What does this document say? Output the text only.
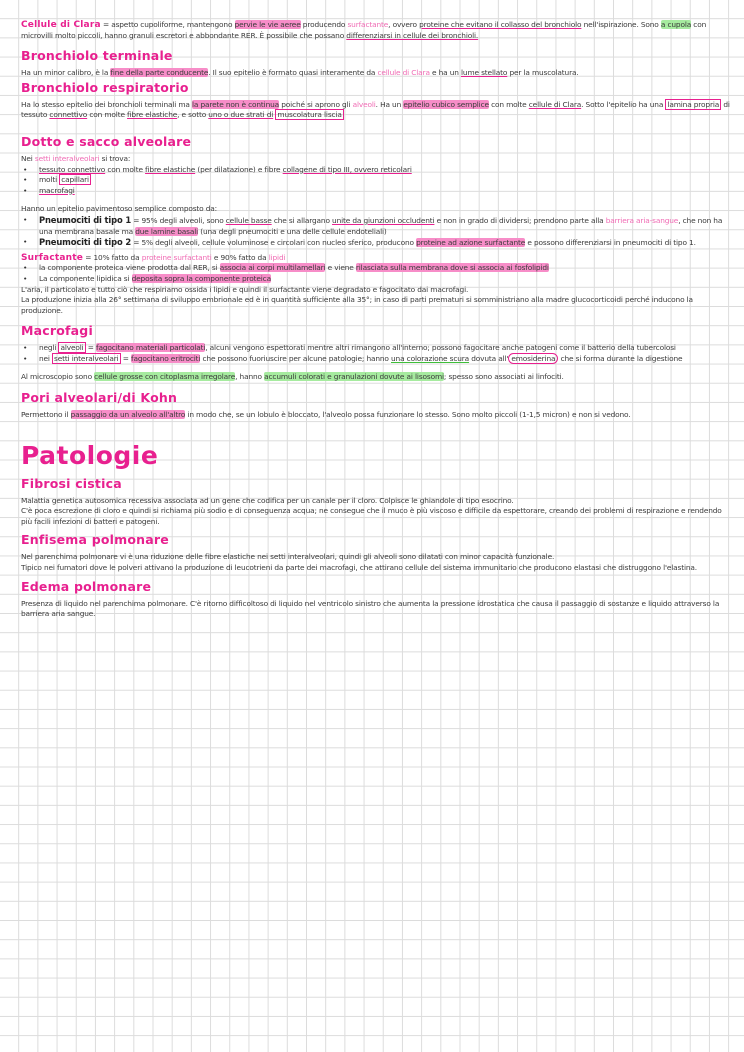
Cellule di Clara = aspetto cupoliforme, mantengono pervie le vie aeree producendo surfactante, ovvero proteine che evitano il collasso del bronchiolo nell'ispirazione. Sono a cupola con microvilli molto piccoli, hanno granuli escretori e abbondante RER. È possibile che possano differenziarsi in cellule dei bronchioli.

Bronchiolo terminale

Ha un minor calibro, è la fine della parte conducente. Il suo epitelio è formato quasi interamente da cellule di Clara e ha un lume stellato per la muscolatura.

Bronchiolo respiratorio

Ha lo stesso epitelio dei bronchioli terminali ma la parete non è continua poiché si aprono gli alveoli. Ha un epitelio cubico semplice con molte cellule di Clara. Sotto l'epitelio ha una lamina propria di tessuto connettivo con molte fibre elastiche, e sotto uno o due strati di muscolatura liscia

Dotto e sacco alveolare

Nei setti interalveolari si trova:

• tessuto connettivo con molte fibre elastiche (per dilatazione) e fibre collagene di tipo III, ovvero reticolari
• molti capillari
• macrofagi

Hanno un epitelio pavimentoso semplice composto da:

• Pneumociti di tipo 1 = 95% degli alveoli, sono cellule basse che si allargano unite da giunzioni occludenti e non in grado di dividersi; prendono parte alla barriera aria-sangue, che non ha una membrana basale ma due lamine basali (una degli pneumociti e una delle cellule endoteliali)
• Pneumociti di tipo 2 = 5% degli alveoli, cellule voluminose e circolari con nucleo sferico, producono proteine ad azione surfactante e possono differenziarsi in pneumociti di tipo 1.

Surfactante = 10% fatto da proteine surfactanti e 90% fatto da lipidi

• la componente proteica viene prodotta dal RER, si associa ai corpi multilamellari e viene rilasciata sulla membrana dove si associa ai fosfolipidi
• La componente lipidica si deposita sopra la componente proteica

L'aria, il particolato e tutto ciò che respiriamo ossida i lipidi e quindi il surfactante viene degradato e fagocitato dai macrofagi.

La produzione inizia alla 26° settimana di sviluppo embrionale ed è in quantità sufficiente alla 35°; in caso di parti prematuri si somministriano alla madre glucocorticoidi perché inducono la produzione.

Macrofagi
• negli alveoli = fagocitano materiali particolati, alcuni vengono espettorati mentre altri rimangono all'interno; possono fagocitare anche patogeni come il batterio della tubercolosi
• nei setti interalveolari = fagocitano eritrociti che possono fuoriuscire per alcune patologie; hanno una colorazione scura dovuta all' emosiderina che si forma durante la digestione

Al microscopio sono cellule grosse con citoplasma irregolare, hanno accumuli colorati e granulazioni dovute ai lisosomi; spesso sono associati ai linfociti.

Pori alveolari/di Kohn

Permettono il passaggio da un alveolo all'altro in modo che, se un lobulo è bloccato, l'alveolo possa funzionare lo stesso. Sono molto piccoli (1-1,5 micron) e non si vedono.

Patologie
Fibrosi cistica

Malattia genetica autosomica recessiva associata ad un gene che codifica per un canale per il cloro. Colpisce le ghiandole di tipo esocrino.

C'è poca escrezione di cloro e quindi si richiama più sodio e di conseguenza acqua; ne consegue che il muco è più viscoso e difficile da espettorare, creando dei problemi di respirazione e rendendo più facili infezioni di batteri e patogeni.

Enfisema polmonare

Nel parenchima polmonare vi è una riduzione delle fibre elastiche nei setti interalveolari, quindi gli alveoli sono dilatati con minor capacità funzionale.

Tipico nei fumatori dove le polveri attivano la produzione di leucotrieni da parte dei macrofagi, che attirano cellule del sistema immunitario che producono elastasi che distruggono l'elastina.

Edema polmonare

Presenza di liquido nel parenchima polmonare. C'è ritorno difficoltoso di liquido nel ventricolo sinistro che aumenta la pressione idrostatica che causa il passaggio di sostanze e liquido attraverso la barriera aria sangue.
